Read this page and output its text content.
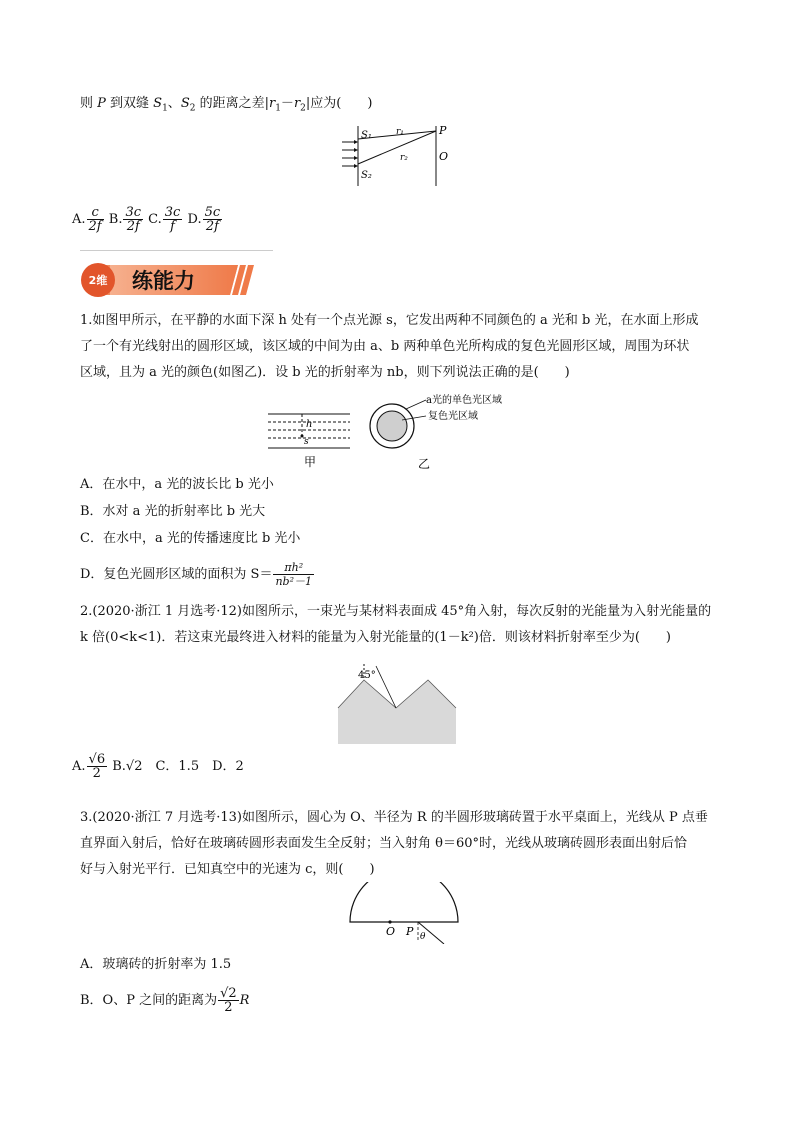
则 P 到双缝 $S_1$、$S_2$ 的距离之差$|r_1-r_2|$应为(　　)
S₁
S₂
r₁
r₂
P
O
A. $\frac{c}{2f} B$. $\frac{3c}{2f} C$. $\frac{3c}{f} D$. $\frac{5c}{2f}$
2维 练能力
1.如图甲所示，在平静的水面下深 h 处有一个点光源 s，它发出两种不同颜色的 a 光和 b 光，在水面上形成
了一个有光线射出的圆形区域，该区域的中间为由 a、b 两种单色光所构成的复色光圆形区域，周围为环状
区域，且为 a 光的颜色(如图乙)．设 b 光的折射率为 nb，则下列说法正确的是(　　)
h
s
甲
a光的单色光区域
复色光区域
乙
A．在水中，a 光的波长比 b 光小
B．水对 a 光的折射率比 b 光大
C．在水中，a 光的传播速度比 b 光小
D．复色光圆形区域的面积为 $S= \frac{\text{πh²}}{\text{nb²－1}}$
2.(2020·浙江 1 月选考·12)如图所示，一束光与某材料表面成 45°角入射，每次反射的光能量为入射光能量的
k 倍(0<k<1)．若这束光最终进入材料的能量为入射光能量的(1－k²)倍．则该材料折射率至少为(　　)
45°
A. $\frac{√6}{2} B.√2$　C．1.5　D．2
3.(2020·浙江 7 月选考·13)如图所示，圆心为 O、半径为 R 的半圆形玻璃砖置于水平桌面上，光线从 P 点垂
直界面入射后，恰好在玻璃砖圆形表面发生全反射；当入射角 θ＝60°时，光线从玻璃砖圆形表面出射后恰
好与入射光平行．已知真空中的光速为 c，则(　　)
O P θ
A．玻璃砖的折射率为 1.5
B．O、P 之间的距离为 $\frac{√2}{2}$ R
